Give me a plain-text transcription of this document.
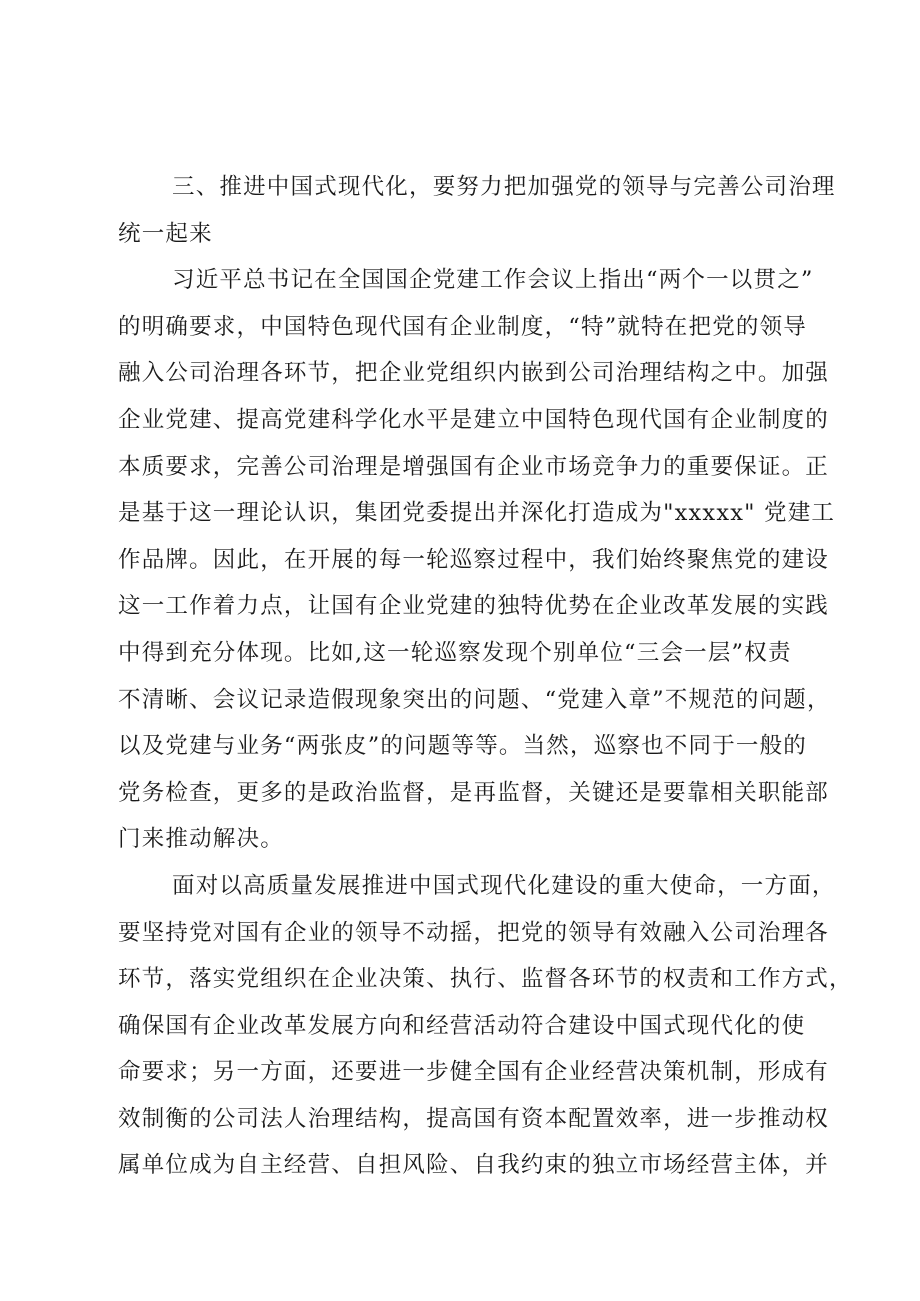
三、推进中国式现代化，要努力把加强党的领导与完善公司治理
统一起来
习近平总书记在全国国企党建工作会议上指出“两个一以贯之”
的明确要求，中国特色现代国有企业制度，“特”就特在把党的领导
融入公司治理各环节，把企业党组织内嵌到公司治理结构之中。加强
企业党建、提高党建科学化水平是建立中国特色现代国有企业制度的
本质要求，完善公司治理是增强国有企业市场竞争力的重要保证。正
是基于这一理论认识，集团党委提出并深化打造成为"xxxxx" 党建工
作品牌。因此，在开展的每一轮巡察过程中，我们始终聚焦党的建设
这一工作着力点，让国有企业党建的独特优势在企业改革发展的实践
中得到充分体现。比如,这一轮巡察发现个别单位“三会一层”权责
不清晰、会议记录造假现象突出的问题、“党建入章”不规范的问题，
以及党建与业务“两张皮”的问题等等。当然，巡察也不同于一般的
党务检查，更多的是政治监督，是再监督，关键还是要靠相关职能部
门来推动解决。
面对以高质量发展推进中国式现代化建设的重大使命，一方面，
要坚持党对国有企业的领导不动摇，把党的领导有效融入公司治理各
环节，落实党组织在企业决策、执行、监督各环节的权责和工作方式，
确保国有企业改革发展方向和经营活动符合建设中国式现代化的使
命要求；另一方面，还要进一步健全国有企业经营决策机制，形成有
效制衡的公司法人治理结构，提高国有资本配置效率，进一步推动权
属单位成为自主经营、自担风险、自我约束的独立市场经营主体，并
